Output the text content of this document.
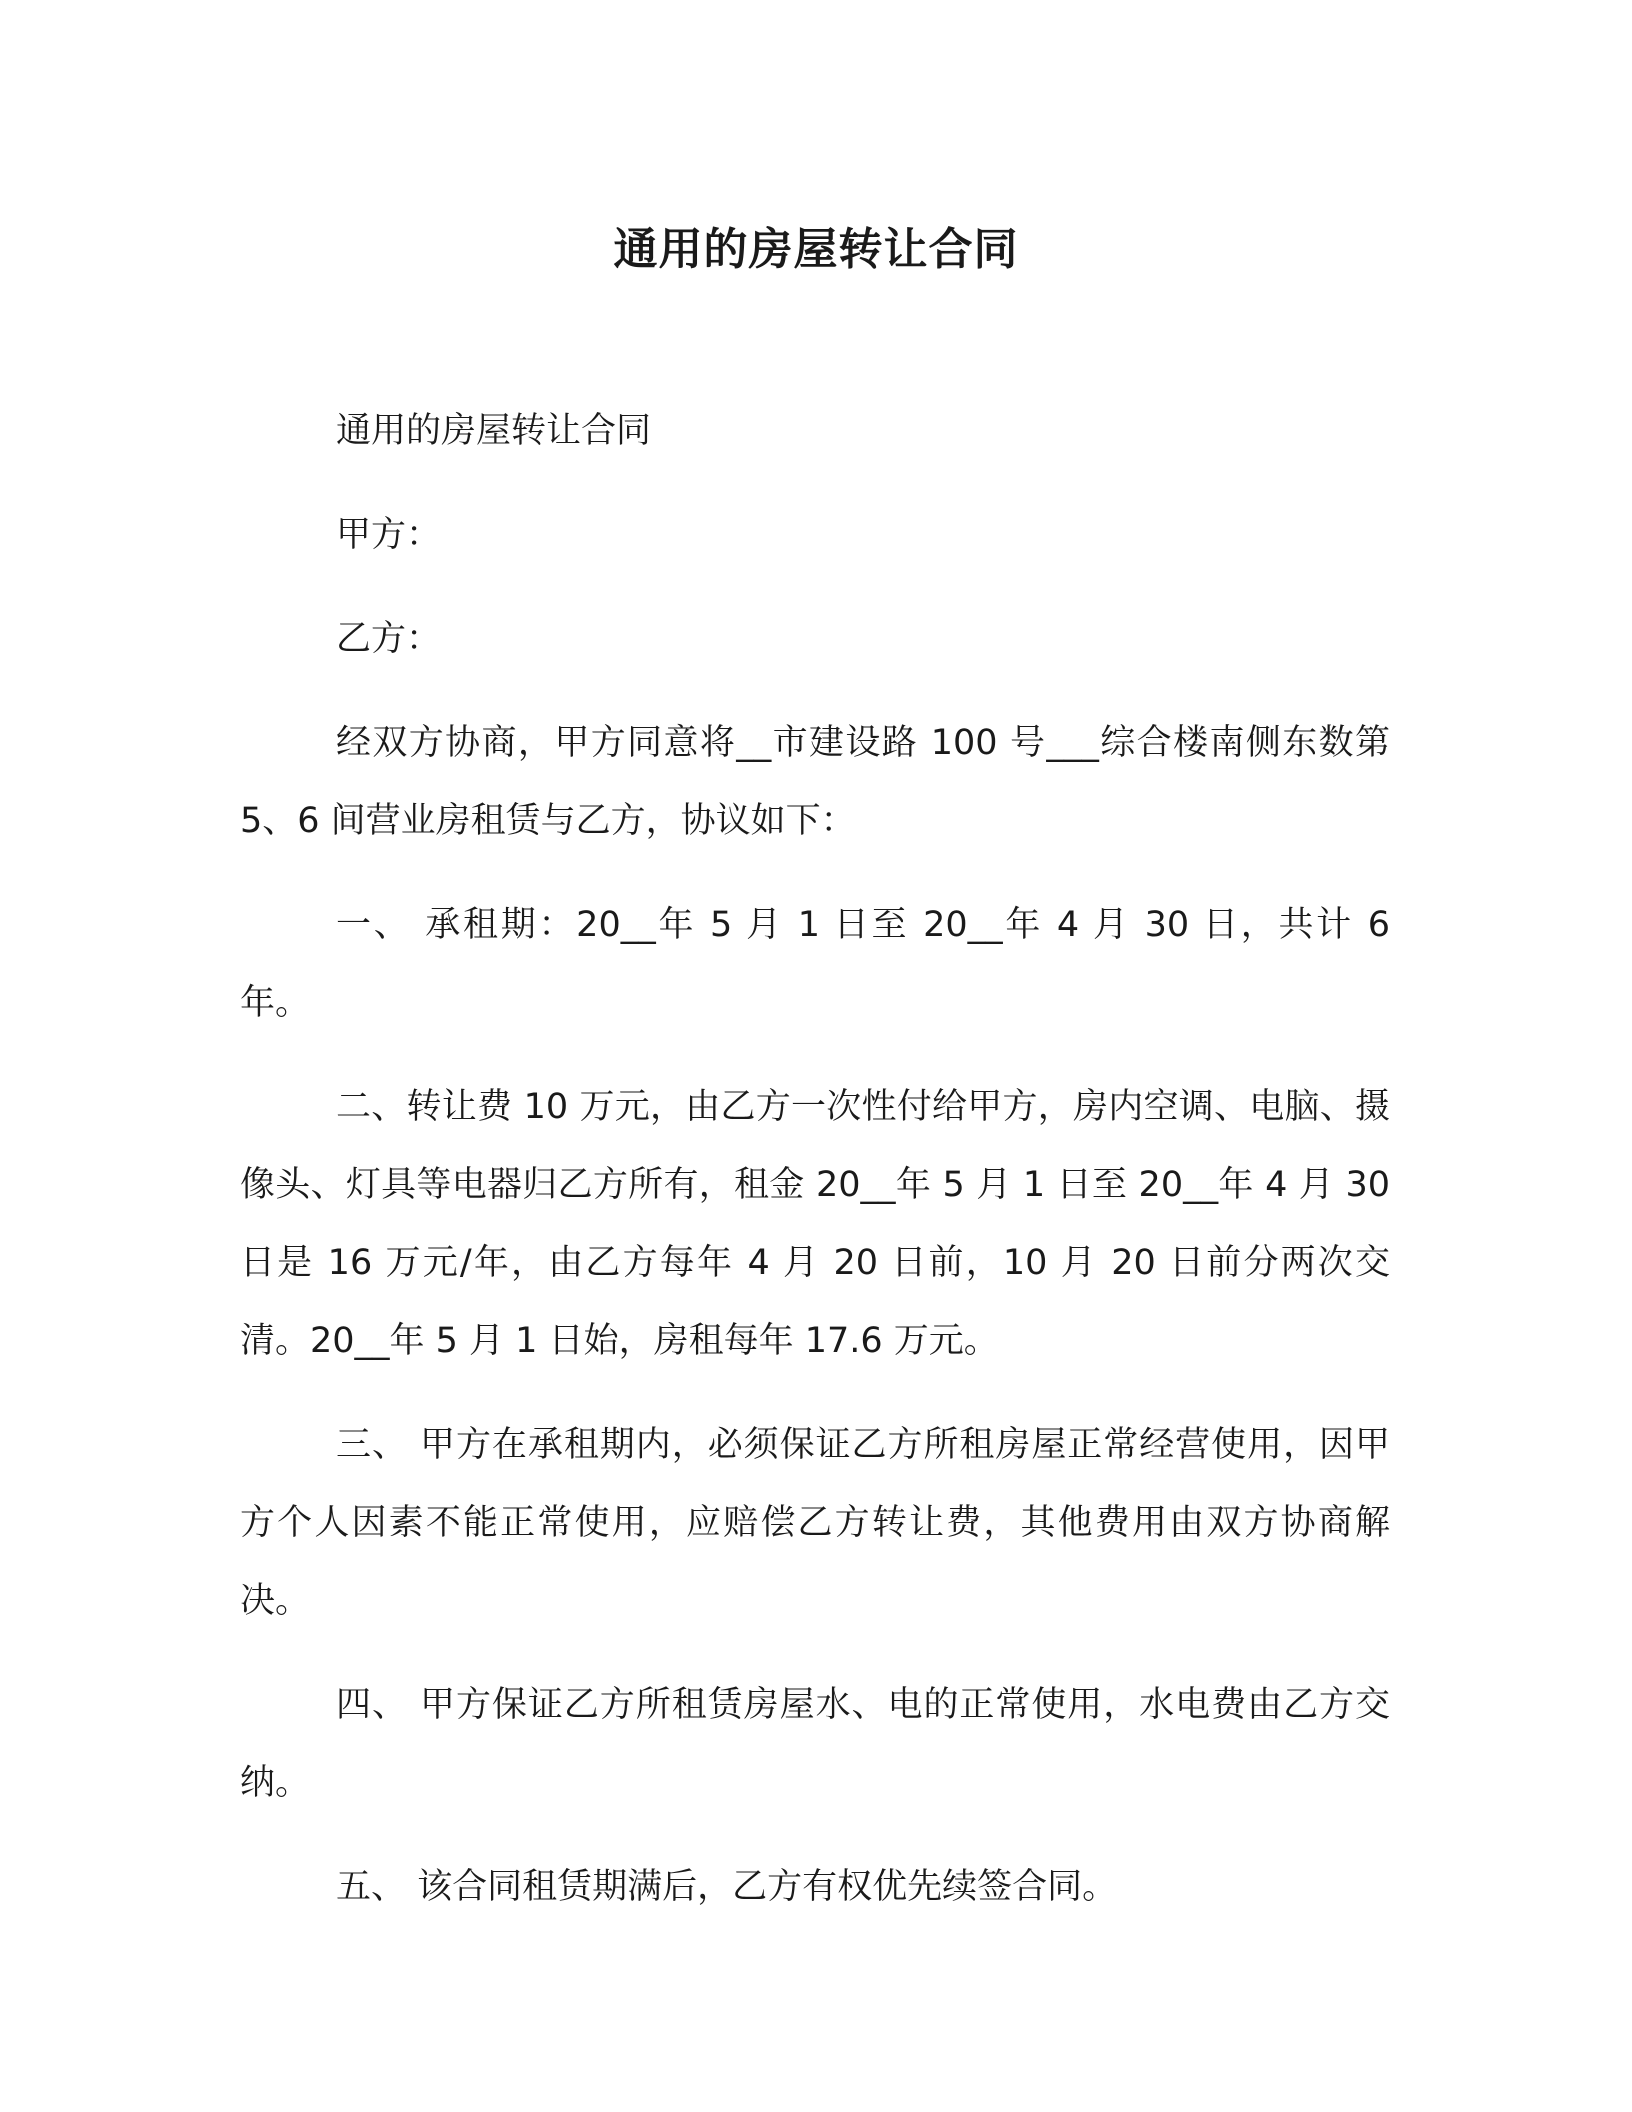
通用的房屋转让合同

通用的房屋转让合同

甲方：

乙方：

经双方协商，甲方同意将__市建设路 100 号___综合楼南侧东数第 5、6 间营业房租赁与乙方，协议如下：

一、 承租期：20__年 5 月 1 日至 20__年 4 月 30 日，共计 6 年。

二、转让费 10 万元，由乙方一次性付给甲方，房内空调、电脑、摄像头、灯具等电器归乙方所有，租金 20__年 5 月 1 日至 20__年 4 月 30 日是 16 万元/年，由乙方每年 4 月 20 日前，10 月 20 日前分两次交清。20__年 5 月 1 日始，房租每年 17.6 万元。

三、 甲方在承租期内，必须保证乙方所租房屋正常经营使用，因甲方个人因素不能正常使用，应赔偿乙方转让费，其他费用由双方协商解决。

四、 甲方保证乙方所租赁房屋水、电的正常使用，水电费由乙方交纳。

五、 该合同租赁期满后，乙方有权优先续签合同。
